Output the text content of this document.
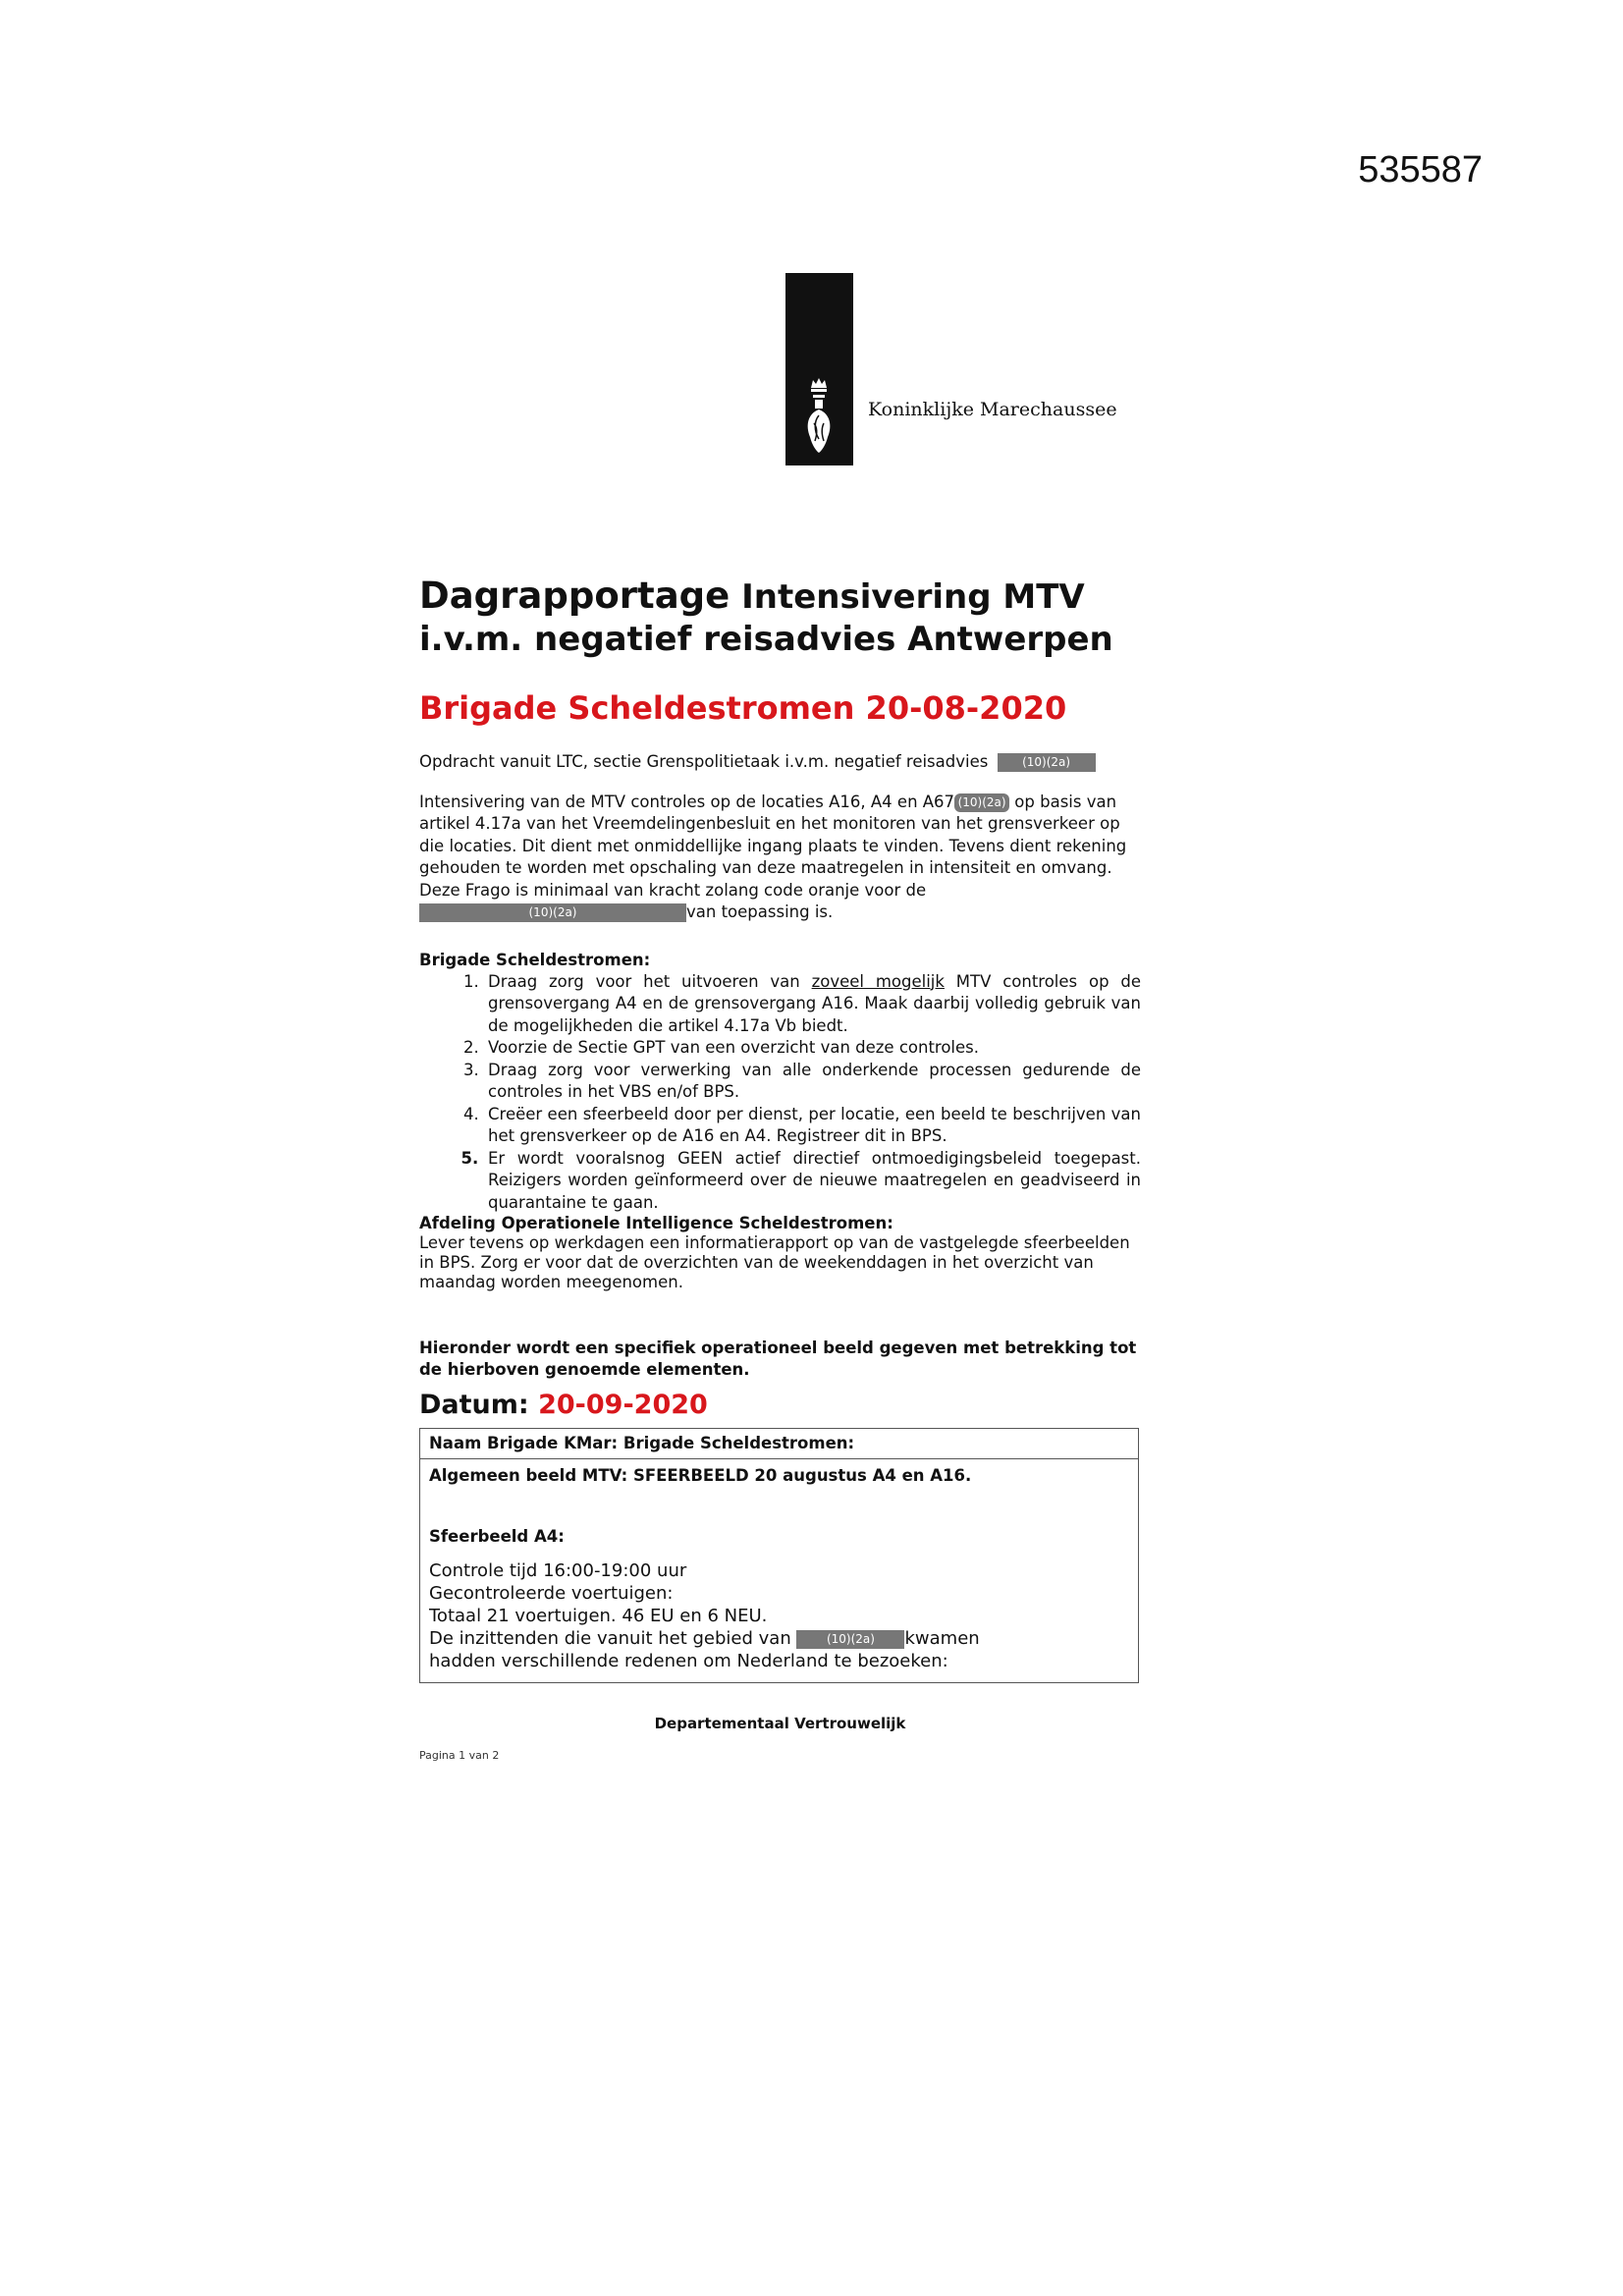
535587
Koninklijke Marechaussee
Dagrapportage Intensivering MTV
i.v.m. negatief reisadvies Antwerpen
Brigade Scheldestromen 20-08-2020

Opdracht vanuit LTC, sectie Grenspolitietaak i.v.m. negatief reisadvies	(10)(2a)

Intensivering van de MTV controles op de locaties A16, A4 en A67 (10)(2a) op basis van artikel 4.17a van het Vreemdelingenbesluit en het monitoren van het grensverkeer op die locaties. Dit dient met onmiddellijke ingang plaats te vinden. Tevens dient rekening gehouden te worden met opschaling van deze maatregelen in intensiteit en omvang. Deze Frago is minimaal van kracht zolang code oranje voor de(10)(2a)	van toepassing is.

Brigade Scheldestromen:

1. Draag zorg voor het uitvoeren van zoveel mogelijk MTV controles op de grensovergang A4 en de grensovergang A16. Maak daarbij volledig gebruik van de mogelijkheden die artikel 4.17a Vb biedt.
2. Voorzie de Sectie GPT van een overzicht van deze controles.
3. Draag zorg voor verwerking van alle onderkende processen gedurende de controles in het VBS en/of BPS.
4. Creëer een sfeerbeeld door per dienst, per locatie, een beeld te beschrijven van het grensverkeer op de A16 en A4. Registreer dit in BPS.
5. Er wordt vooralsnog GEEN actief directief ontmoedigingsbeleid toegepast. Reizigers worden geïnformeerd over de nieuwe maatregelen en geadviseerd in quarantaine te gaan.

Afdeling Operationele Intelligence Scheldestromen:

Lever tevens op werkdagen een informatierapport op van de vastgelegde sfeerbeelden in BPS. Zorg er voor dat de overzichten van de weekenddagen in het overzicht van maandag worden meegenomen.

Hieronder wordt een specifiek operationeel beeld gegeven met betrekking tot de hierboven genoemde elementen.

Datum: 20-09-2020

Naam Brigade KMar: Brigade Scheldestromen:

Algemeen beeld MTV: SFEERBEELD 20 augustus A4 en A16.

Sfeerbeeld A4:

Controle tijd 16:00-19:00 uur
Gecontroleerde voertuigen:
Totaal 21 voertuigen. 46 EU en 6 NEU.
De inzittenden die vanuit het gebied van	(10)(2a) kwamen
hadden verschillende redenen om Nederland te bezoeken:
Departementaal Vertrouwelijk
Pagina 1 van 2
